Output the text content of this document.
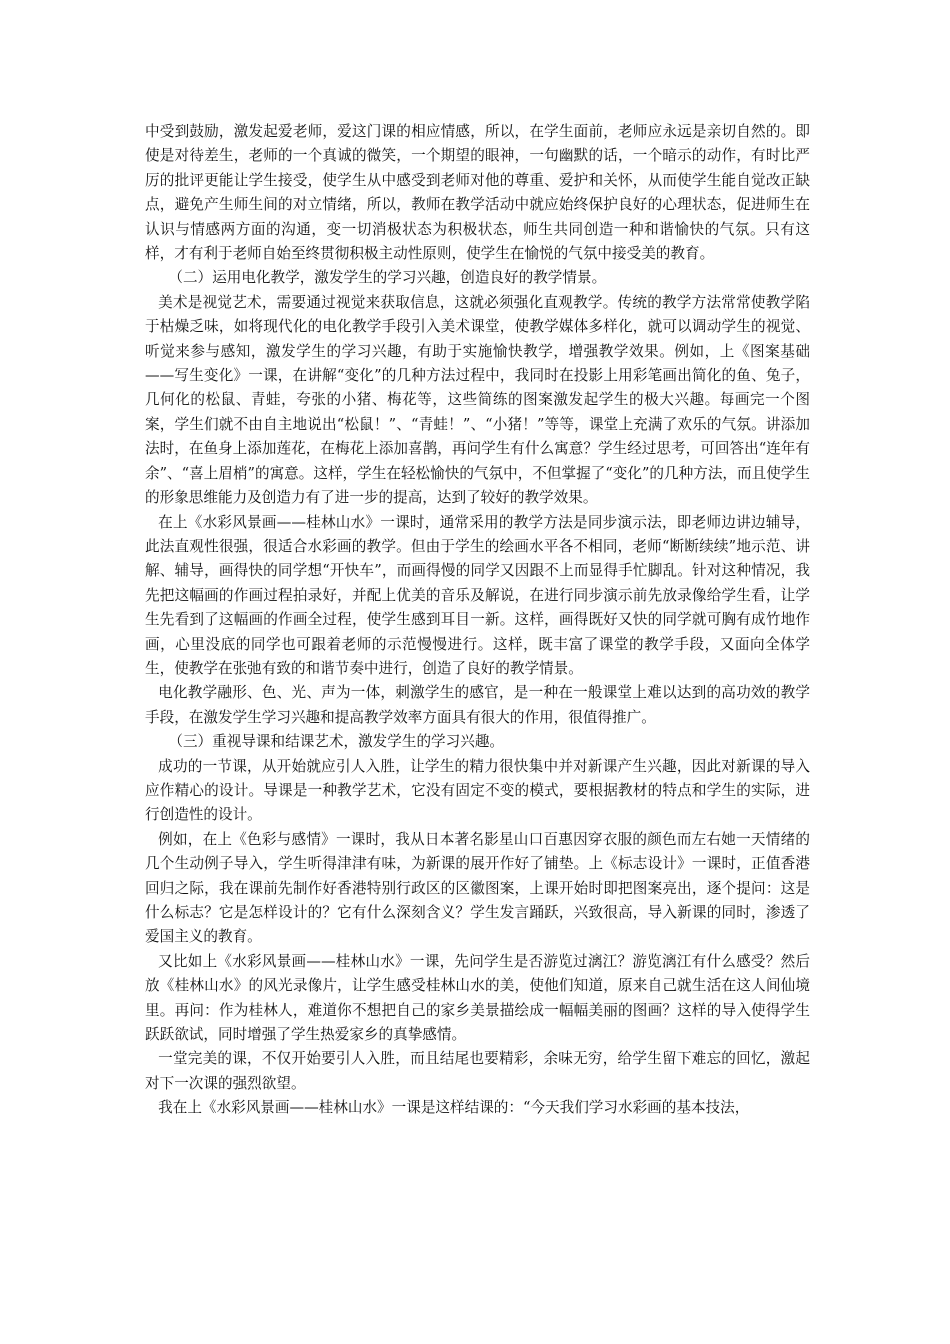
中受到鼓励，激发起爱老师，爱这门课的相应情感，所以，在学生面前，老师应永远是亲切自然的。即使是对待差生，老师的一个真诚的微笑，一个期望的眼神，一句幽默的话，一个暗示的动作，有时比严厉的批评更能让学生接受，使学生从中感受到老师对他的尊重、爱护和关怀，从而使学生能自觉改正缺点，避免产生师生间的对立情绪，所以，教师在教学活动中就应始终保护良好的心理状态，促进师生在认识与情感两方面的沟通，变一切消极状态为积极状态，师生共同创造一种和谐愉快的气氛。只有这样，才有利于老师自始至终贯彻积极主动性原则，使学生在愉悦的气氛中接受美的教育。

（二）运用电化教学，激发学生的学习兴趣，创造良好的教学情景。

美术是视觉艺术，需要通过视觉来获取信息，这就必须强化直观教学。传统的教学方法常常使教学陷于枯燥乏味，如将现代化的电化教学手段引入美术课堂，使教学媒体多样化，就可以调动学生的视觉、听觉来参与感知，激发学生的学习兴趣，有助于实施愉快教学，增强教学效果。例如，上《图案基础——写生变化》一课，在讲解“变化”的几种方法过程中，我同时在投影上用彩笔画出简化的鱼、兔子，几何化的松鼠、青蛙，夸张的小猪、梅花等，这些简练的图案激发起学生的极大兴趣。每画完一个图案，学生们就不由自主地说出“松鼠！”、“青蛙！”、“小猪！”等等，课堂上充满了欢乐的气氛。讲添加法时，在鱼身上添加莲花，在梅花上添加喜鹊，再问学生有什么寓意？学生经过思考，可回答出“连年有余”、“喜上眉梢”的寓意。这样，学生在轻松愉快的气氛中，不但掌握了“变化”的几种方法，而且使学生的形象思维能力及创造力有了进一步的提高，达到了较好的教学效果。

在上《水彩风景画——桂林山水》一课时，通常采用的教学方法是同步演示法，即老师边讲边辅导，此法直观性很强，很适合水彩画的教学。但由于学生的绘画水平各不相同，老师“断断续续”地示范、讲解、辅导，画得快的同学想“开快车”，而画得慢的同学又因跟不上而显得手忙脚乱。针对这种情况，我先把这幅画的作画过程拍录好，并配上优美的音乐及解说，在进行同步演示前先放录像给学生看，让学生先看到了这幅画的作画全过程，使学生感到耳目一新。这样，画得既好又快的同学就可胸有成竹地作画，心里没底的同学也可跟着老师的示范慢慢进行。这样，既丰富了课堂的教学手段，又面向全体学生，使教学在张弛有致的和谐节奏中进行，创造了良好的教学情景。

电化教学融形、色、光、声为一体，刺激学生的感官，是一种在一般课堂上难以达到的高功效的教学手段，在激发学生学习兴趣和提高教学效率方面具有很大的作用，很值得推广。

（三）重视导课和结课艺术，激发学生的学习兴趣。

成功的一节课，从开始就应引人入胜，让学生的精力很快集中并对新课产生兴趣，因此对新课的导入应作精心的设计。导课是一种教学艺术，它没有固定不变的模式，要根据教材的特点和学生的实际，进行创造性的设计。

例如，在上《色彩与感情》一课时，我从日本著名影星山口百惠因穿衣服的颜色而左右她一天情绪的几个生动例子导入，学生听得津津有味，为新课的展开作好了铺垫。上《标志设计》一课时，正值香港回归之际，我在课前先制作好香港特别行政区的区徽图案，上课开始时即把图案亮出，逐个提问：这是什么标志？它是怎样设计的？它有什么深刻含义？学生发言踊跃，兴致很高，导入新课的同时，渗透了爱国主义的教育。

又比如上《水彩风景画——桂林山水》一课，先问学生是否游览过漓江？游览漓江有什么感受？然后放《桂林山水》的风光录像片，让学生感受桂林山水的美，使他们知道，原来自己就生活在这人间仙境里。再问：作为桂林人，难道你不想把自己的家乡美景描绘成一幅幅美丽的图画？这样的导入使得学生跃跃欲试，同时增强了学生热爱家乡的真挚感情。

一堂完美的课，不仅开始要引人入胜，而且结尾也要精彩，余味无穷，给学生留下难忘的回忆，激起对下一次课的强烈欲望。

我在上《水彩风景画——桂林山水》一课是这样结课的：“今天我们学习水彩画的基本技法，
